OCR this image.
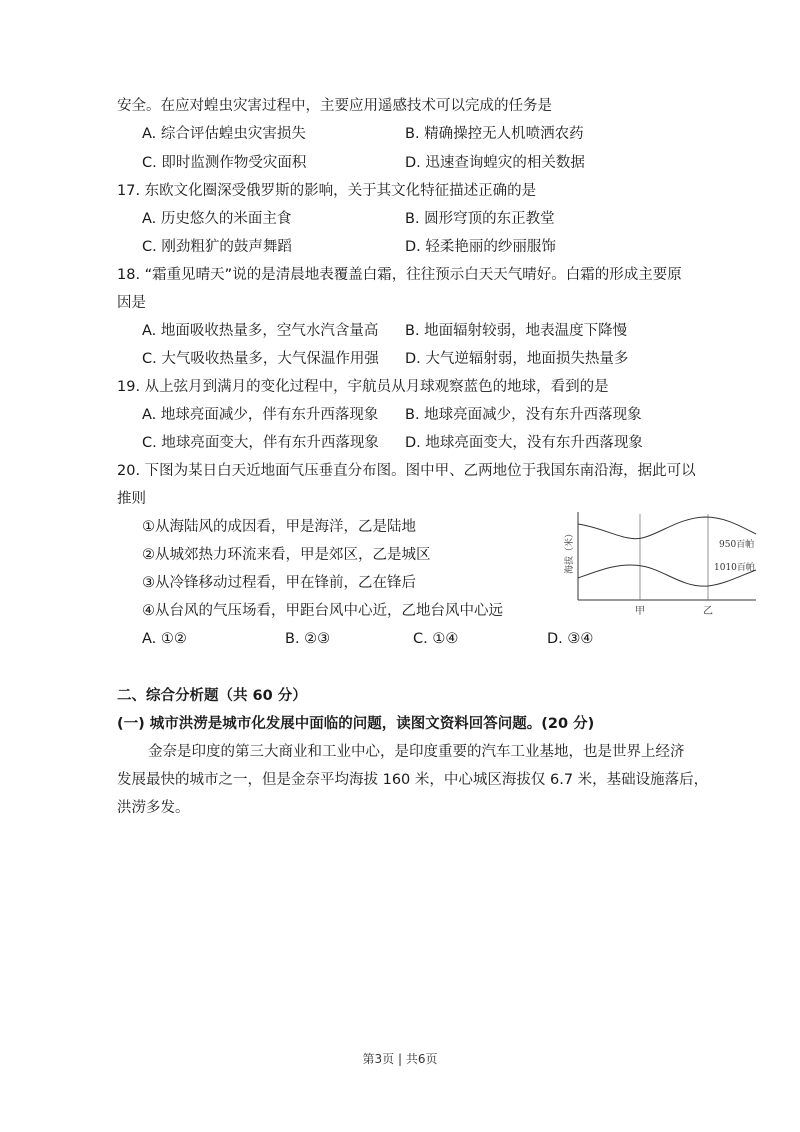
安全。在应对蝗虫灾害过程中，主要应用遥感技术可以完成的任务是
A. 综合评估蝗虫灾害损失	B. 精确操控无人机喷洒农药
C. 即时监测作物受灾面积	D. 迅速查询蝗灾的相关数据
17. 东欧文化圈深受俄罗斯的影响，关于其文化特征描述正确的是
A. 历史悠久的米面主食	B. 圆形穹顶的东正教堂
C. 刚劲粗犷的鼓声舞蹈	D. 轻柔艳丽的纱丽服饰
18. “霜重见晴天”说的是清晨地表覆盖白霜，往往预示白天天气晴好。白霜的形成主要原
因是
A. 地面吸收热量多，空气水汽含量高 B. 地面辐射较弱，地表温度下降慢
C. 大气吸收热量多，大气保温作用强 D. 大气逆辐射弱，地面损失热量多
19. 从上弦月到满月的变化过程中，宇航员从月球观察蓝色的地球，看到的是
A. 地球亮面减少，伴有东升西落现象 B. 地球亮面减少，没有东升西落现象
C. 地球亮面变大，伴有东升西落现象 D. 地球亮面变大，没有东升西落现象
20. 下图为某日白天近地面气压垂直分布图。图中甲、乙两地位于我国东南沿海，据此可以
推则
①从海陆风的成因看，甲是海洋，乙是陆地
②从城郊热力环流来看，甲是郊区，乙是城区
③从冷锋移动过程看，甲在锋前，乙在锋后
④从台风的气压场看，甲距台风中心近，乙地台风中心远
A. ①②	B. ②③	C. ①④	D. ③④
海拔（米）	950百帕
1010百帕
甲	乙
二、综合分析题（共 60 分）
(一) 城市洪涝是城市化发展中面临的问题，读图文资料回答问题。(20 分)
金奈是印度的第三大商业和工业中心，是印度重要的汽车工业基地，也是世界上经济
发展最快的城市之一，但是金奈平均海拔 160 米，中心城区海拔仅 6.7 米，基础设施落后，
洪涝多发。
第3页 | 共6页
